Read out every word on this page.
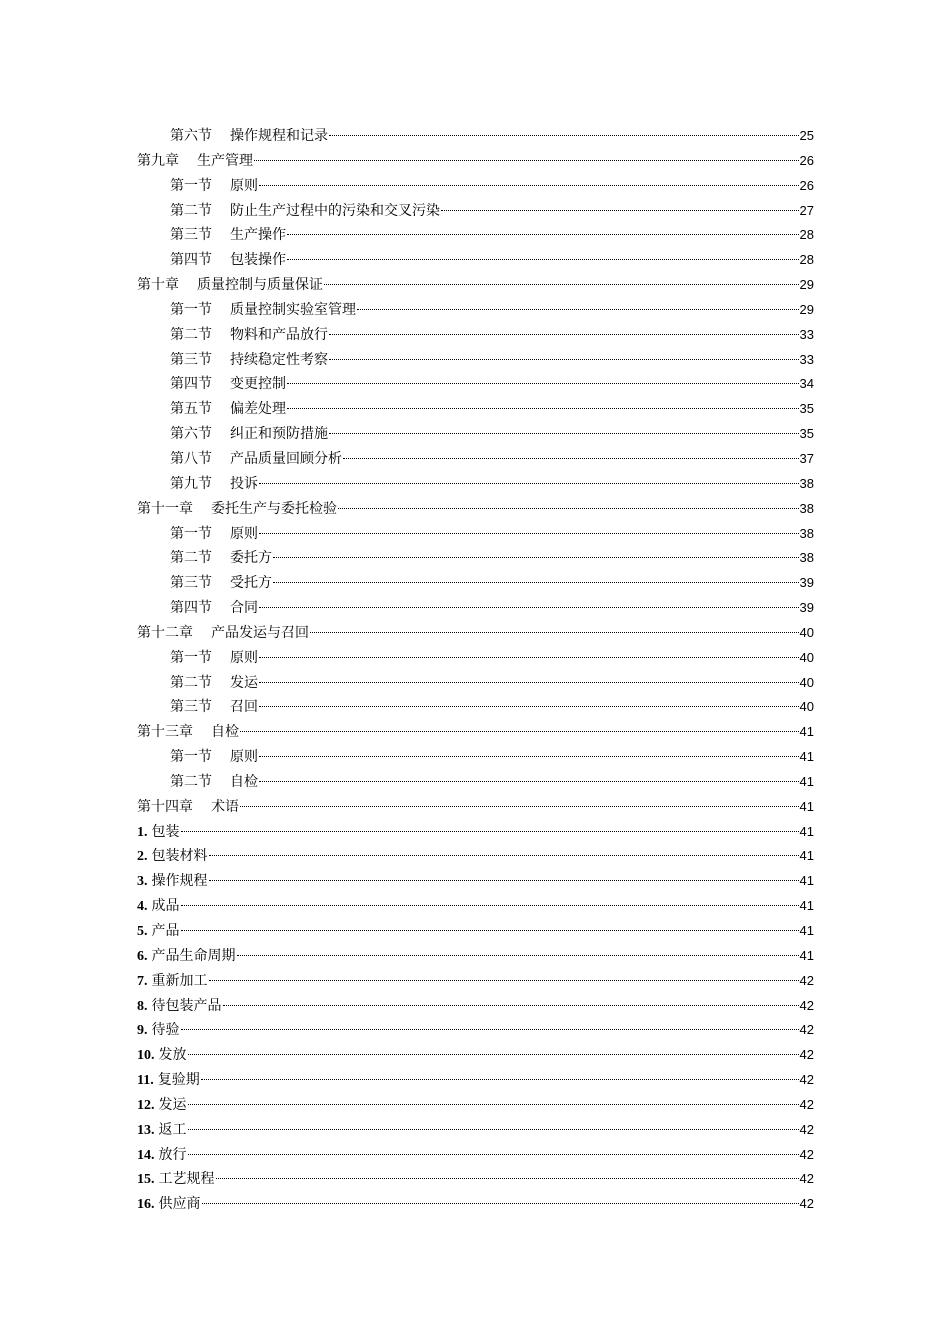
第六节 操作规程和记录	25
第九章 生产管理	26
第一节 原则	26
第二节 防止生产过程中的污染和交叉污染	27
第三节 生产操作	28
第四节 包装操作	28
第十章 质量控制与质量保证	29
第一节 质量控制实验室管理	29
第二节 物料和产品放行	33
第三节 持续稳定性考察	33
第四节 变更控制	34
第五节 偏差处理	35
第六节 纠正和预防措施	35
第八节 产品质量回顾分析	37
第九节 投诉	38
第十一章 委托生产与委托检验	38
第一节 原则	38
第二节 委托方	38
第三节 受托方	39
第四节 合同	39
第十二章 产品发运与召回	40
第一节 原则	40
第二节 发运	40
第三节 召回	40
第十三章 自检	41
第一节 原则	41
第二节 自检	41
第十四章 术语	41
1. 包装	41
2. 包装材料	41
3. 操作规程	41
4. 成品	41
5. 产品	41
6. 产品生命周期	41
7. 重新加工	42
8. 待包装产品	42
9. 待验	42
10. 发放	42
11. 复验期	42
12. 发运	42
13. 返工	42
14. 放行	42
15. 工艺规程	42
16. 供应商	42
